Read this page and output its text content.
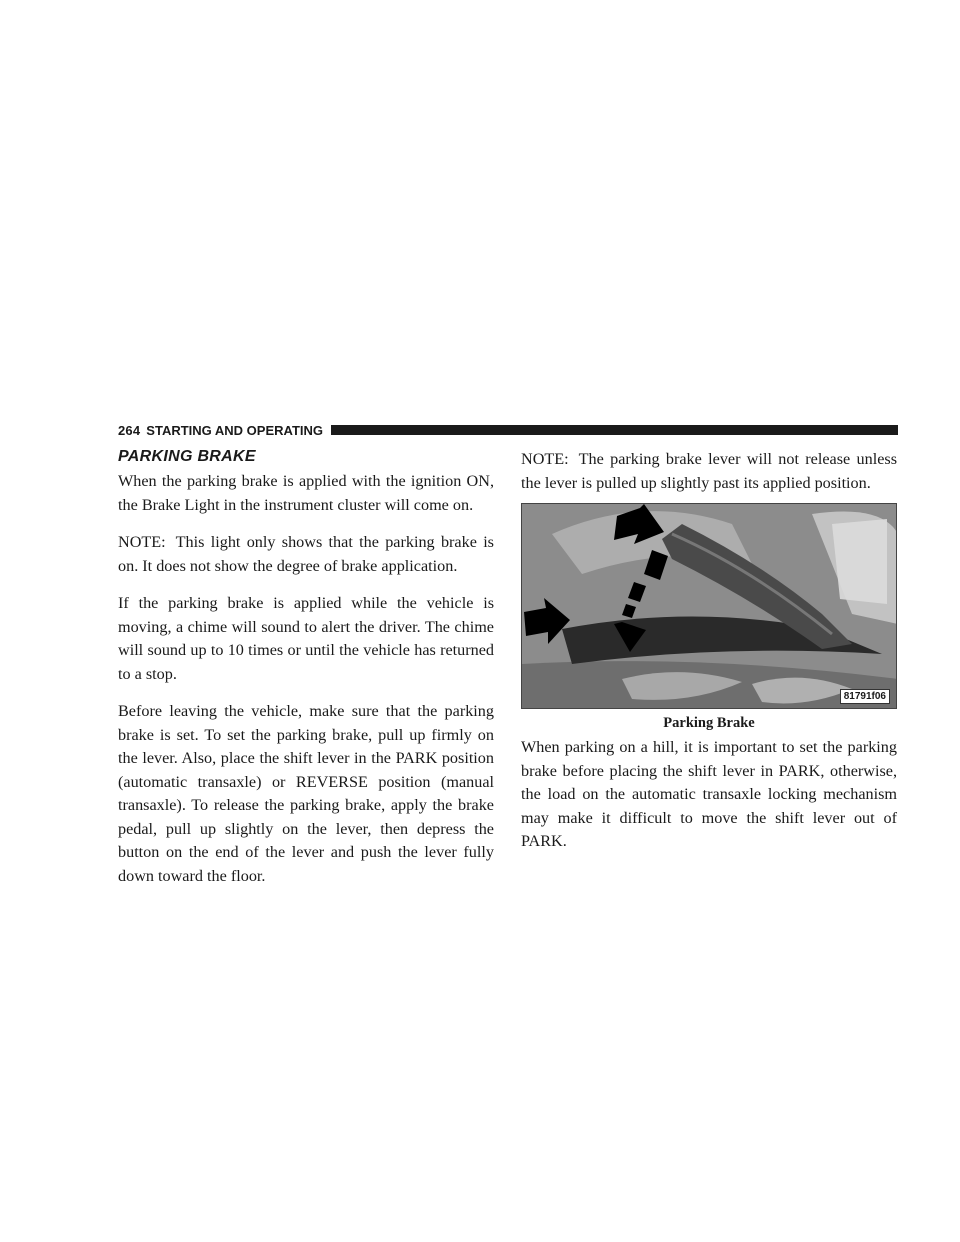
264 STARTING AND OPERATING
PARKING BRAKE

When the parking brake is applied with the ignition ON, the Brake Light in the instrument cluster will come on.

NOTE: This light only shows that the parking brake is on. It does not show the degree of brake application.

If the parking brake is applied while the vehicle is moving, a chime will sound to alert the driver. The chime will sound up to 10 times or until the vehicle has returned to a stop.

Before leaving the vehicle, make sure that the parking brake is set. To set the parking brake, pull up firmly on the lever. Also, place the shift lever in the PARK position (automatic transaxle) or REVERSE position (manual transaxle). To release the parking brake, apply the brake pedal, pull up slightly on the lever, then depress the button on the end of the lever and push the lever fully down toward the floor.

NOTE: The parking brake lever will not release unless the lever is pulled up slightly past its applied position.

81791f06
Parking Brake

When parking on a hill, it is important to set the parking brake before placing the shift lever in PARK, otherwise, the load on the automatic transaxle locking mechanism may make it difficult to move the shift lever out of PARK.
